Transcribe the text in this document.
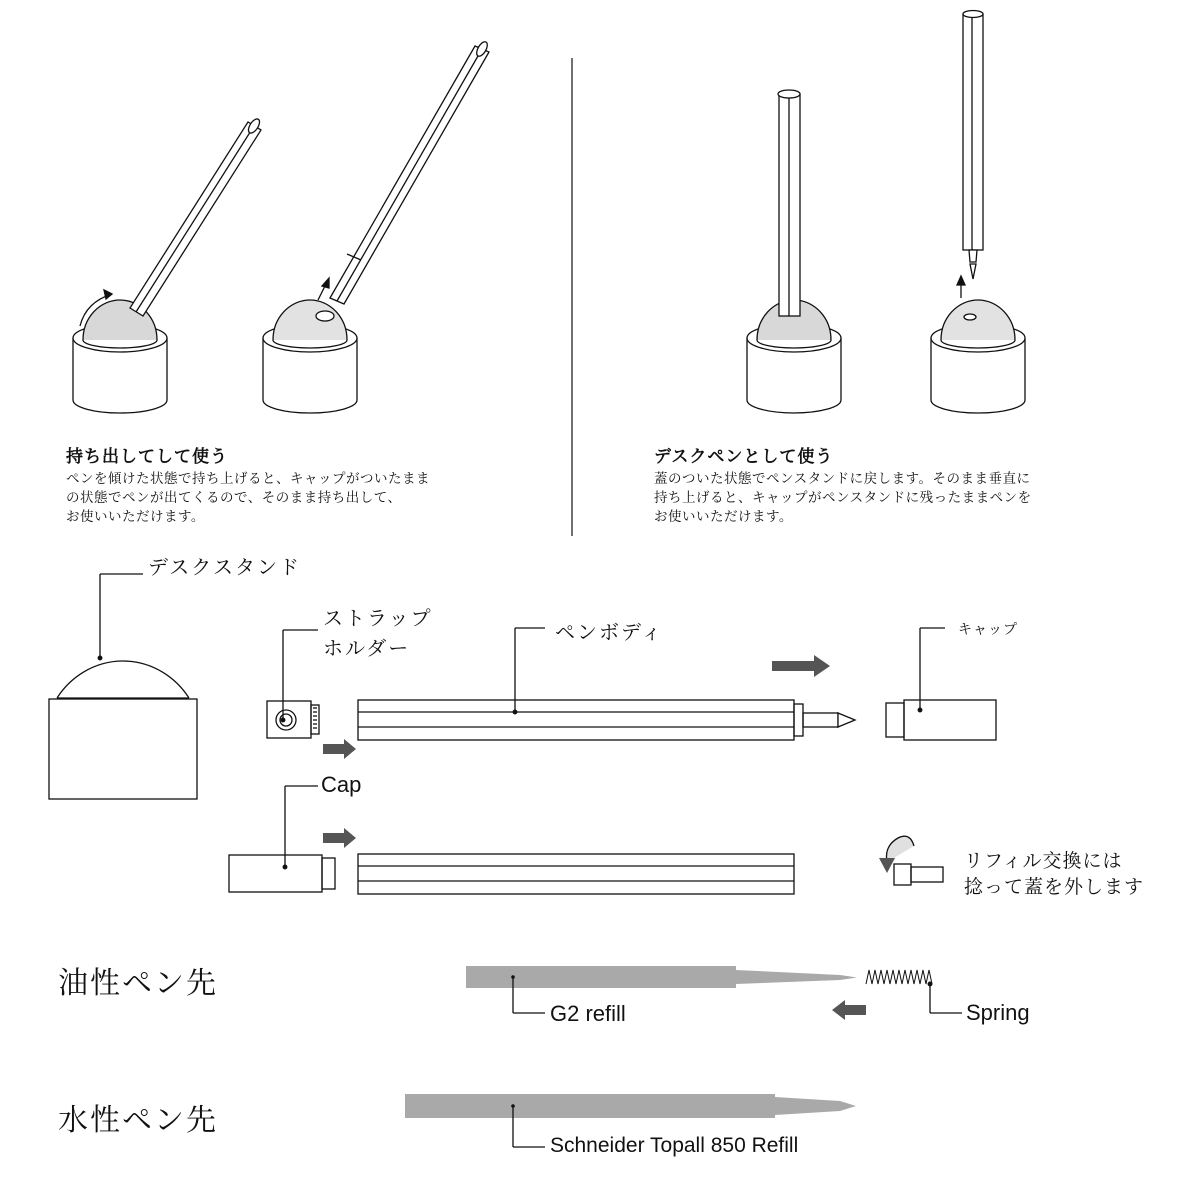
持ち出してして使う
ペンを傾けた状態で持ち上げると、キャップがついたまま
の状態でペンが出てくるので、そのまま持ち出して、
お使いいただけます。
デスクペンとして使う
蓋のついた状態でペンスタンドに戻します。そのまま垂直に
持ち上げると、キャップがペンスタンドに残ったままペンを
お使いいただけます。
デスクスタンド
ストラップ
ホルダー
ペンボディ	キャップ
Cap
リフィル交換には
捻って蓋を外します
油性ペン先
G2 refill	Spring
水性ペン先
Schneider Topall 850 Refill
